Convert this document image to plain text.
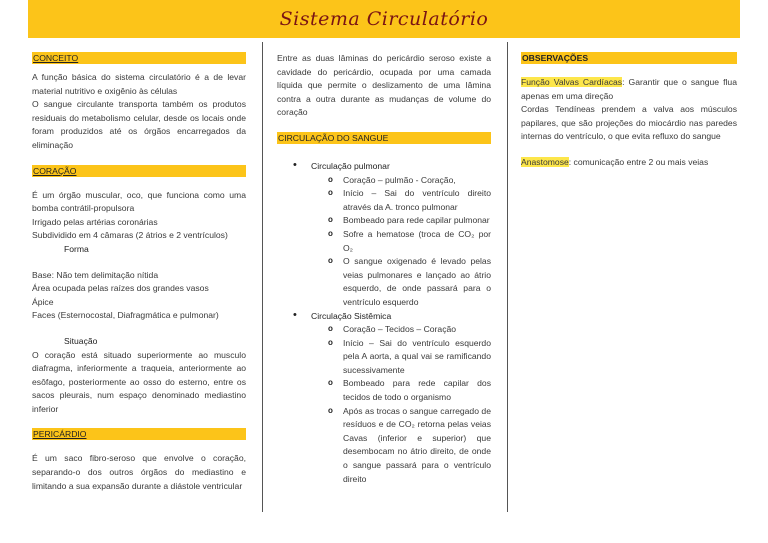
Sistema Circulatório
CONCEITO

A função básica do sistema circulatório é a de levar material nutritivo e oxigênio às células

O sangue circulante transporta também os produtos residuais do metabolismo celular, desde os locais onde foram produzidos até os órgãos encarregados da eliminação

CORAÇÃO

É um órgão muscular, oco, que funciona como uma bomba contrátil-propulsora

Irrigado pelas artérias coronárias

Subdividido em 4 câmaras (2 átrios e 2 ventrículos)

Forma

Base: Não tem delimitação nítida

Área ocupada pelas raízes dos grandes vasos

Ápice

Faces (Esternocostal, Diafragmática e pulmonar)

Situação

O coração está situado superiormente ao musculo diafragma, inferiormente a traqueia, anteriormente ao esôfago, posteriormente ao osso do esterno, entre os sacos pleurais, num espaço denominado mediastino inferior

PERICÁRDIO

É um saco fibro-seroso que envolve o coração, separando-o dos outros órgãos do mediastino e limitando a sua expansão durante a diástole ventricular

Entre as duas lâminas do pericárdio seroso existe a cavidade do pericárdio, ocupada por uma camada líquida que permite o deslizamento de uma lâmina contra a outra durante as mudanças de volume do coração

CIRCULAÇÃO DO SANGUE
• Circulação pulmonar
o Coração – pulmão - Coração,
o Início – Sai do ventrículo direito através da A. tronco pulmonar
o Bombeado para rede capilar pulmonar
o Sofre a hematose (troca de CO₂ por O₂
o O sangue oxigenado é levado pelas veias pulmonares e lançado ao átrio esquerdo, de onde passará para o ventrículo esquerdo
• Circulação Sistêmica
o Coração – Tecidos – Coração
o Início – Sai do ventrículo esquerdo pela A aorta, a qual vai se ramificando sucessivamente
o Bombeado para rede capilar dos tecidos de todo o organismo
o Após as trocas o sangue carregado de resíduos e de CO₂ retorna pelas veias Cavas (inferior e superior) que desembocam no átrio direito, de onde o sangue passará para o ventrículo direito
OBSERVAÇÕES

Função Valvas Cardíacas: Garantir que o sangue flua apenas em uma direção

Cordas Tendíneas prendem a valva aos músculos papilares, que são projeções do miocárdio nas paredes internas do ventrículo, o que evita refluxo do sangue

Anastomose: comunicação entre 2 ou mais veias
